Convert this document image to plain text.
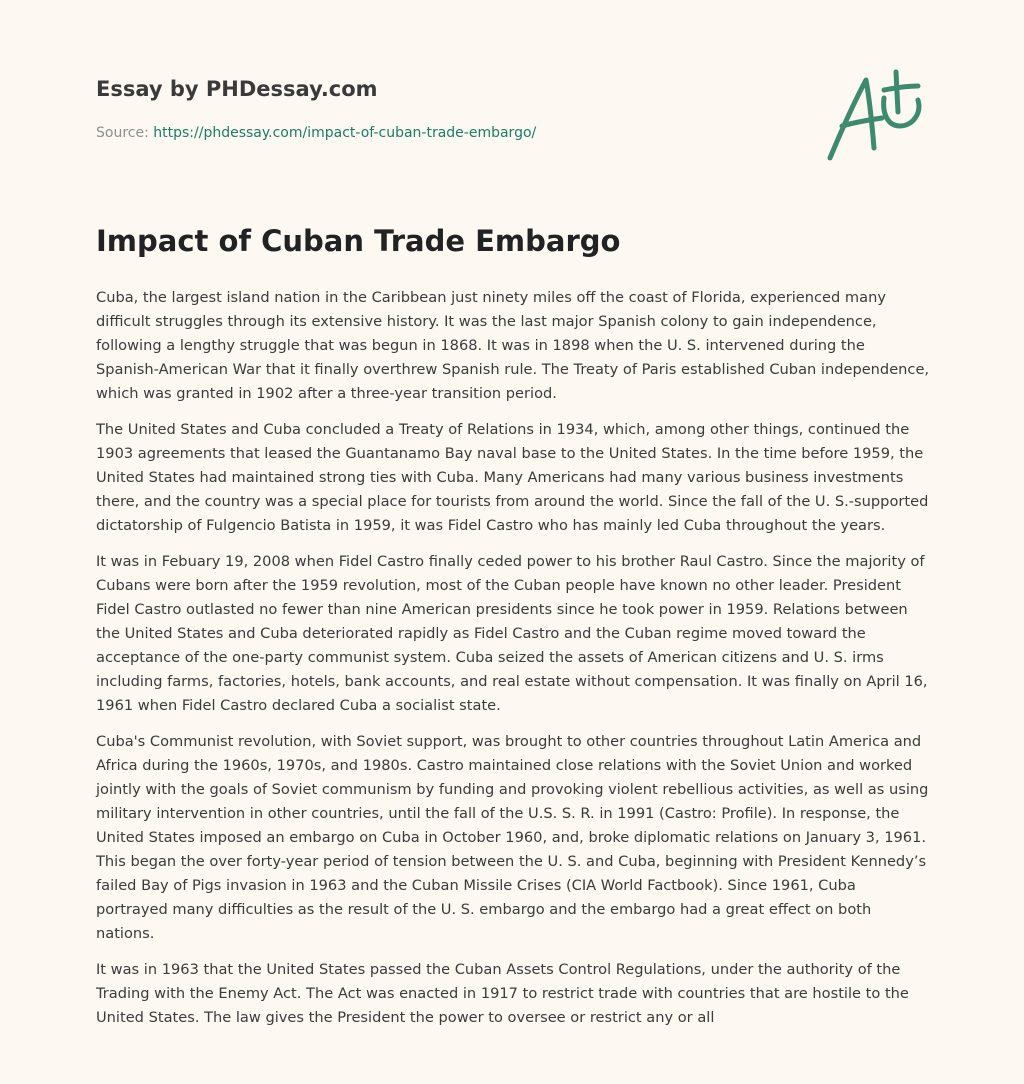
Essay by PHDessay.com
Source: https://phdessay.com/impact-of-cuban-trade-embargo/
Impact of Cuban Trade Embargo

Cuba, the largest island nation in the Caribbean just ninety miles off the coast of Florida, experienced many difficult struggles through its extensive history. It was the last major Spanish colony to gain independence, following a lengthy struggle that was begun in 1868. It was in 1898 when the U. S. intervened during the Spanish-American War that it finally overthrew Spanish rule. The Treaty of Paris established Cuban independence, which was granted in 1902 after a three-year transition period.

The United States and Cuba concluded a Treaty of Relations in 1934, which, among other things, continued the 1903 agreements that leased the Guantanamo Bay naval base to the United States. In the time before 1959, the United States had maintained strong ties with Cuba. Many Americans had many various business investments there, and the country was a special place for tourists from around the world. Since the fall of the U. S.-supported dictatorship of Fulgencio Batista in 1959, it was Fidel Castro who has mainly led Cuba throughout the years.

It was in Febuary 19, 2008 when Fidel Castro finally ceded power to his brother Raul Castro. Since the majority of Cubans were born after the 1959 revolution, most of the Cuban people have known no other leader. President Fidel Castro outlasted no fewer than nine American presidents since he took power in 1959. Relations between the United States and Cuba deteriorated rapidly as Fidel Castro and the Cuban regime moved toward the acceptance of the one-party communist system. Cuba seized the assets of American citizens and U. S. irms including farms, factories, hotels, bank accounts, and real estate without compensation. It was finally on April 16, 1961 when Fidel Castro declared Cuba a socialist state.

Cuba's Communist revolution, with Soviet support, was brought to other countries throughout Latin America and Africa during the 1960s, 1970s, and 1980s. Castro maintained close relations with the Soviet Union and worked jointly with the goals of Soviet communism by funding and provoking violent rebellious activities, as well as using military intervention in other countries, until the fall of the U.S. S. R. in 1991 (Castro: Profile). In response, the United States imposed an embargo on Cuba in October 1960, and, broke diplomatic relations on January 3, 1961. This began the over forty-year period of tension between the U. S. and Cuba, beginning with President Kennedy’s failed Bay of Pigs invasion in 1963 and the Cuban Missile Crises (CIA World Factbook). Since 1961, Cuba portrayed many difficulties as the result of the U. S. embargo and the embargo had a great effect on both nations.

It was in 1963 that the United States passed the Cuban Assets Control Regulations, under the authority of the Trading with the Enemy Act. The Act was enacted in 1917 to restrict trade with countries that are hostile to the United States. The law gives the President the power to oversee or restrict any or all
